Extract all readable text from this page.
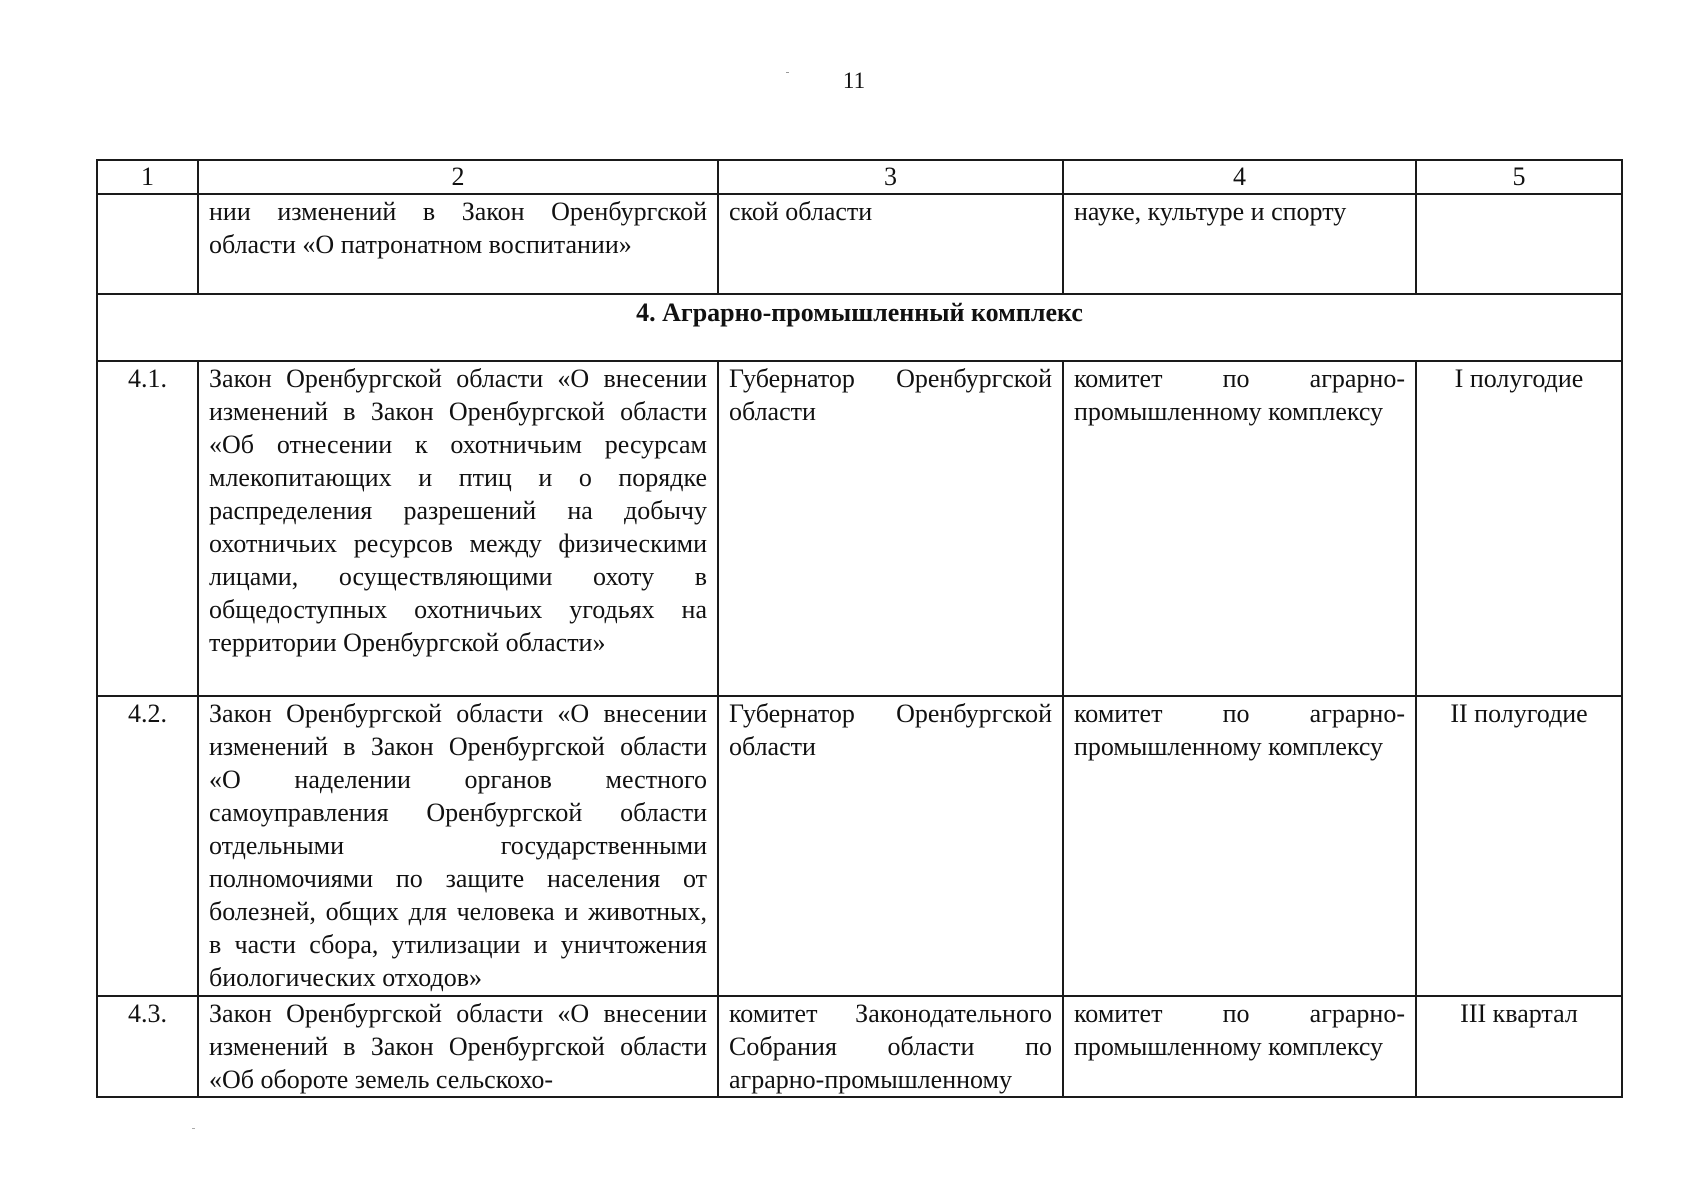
11
1	2	3	4	5
	нии изменений в Закон Оренбургской области «О патронатном воспитании»	ской области	науке, культуре и спорту	
4. Аграрно-промышленный комплекс				
4.1.	Закон Оренбургской области «О внесении изменений в Закон Оренбургской области «Об отнесении к охотничьим ресурсам млекопитающих и птиц и о порядке распределения разрешений на добычу охотничьих ресурсов между физическими лицами, осуществляющими охоту в общедоступных охотничьих угодьях на территории Оренбургской области»	Губернатор Оренбургской области	комитет по аграрно-промышленному комплексу	I полугодие
4.2.	Закон Оренбургской области «О внесении изменений в Закон Оренбургской области «О наделении органов местного самоуправления Оренбургской области отдельными государственными полномочиями по защите населения от болезней, общих для человека и животных, в части сбора, утилизации и уничтожения биологических отходов»	Губернатор Оренбургской области	комитет по аграрно-промышленному комплексу	II полугодие
4.3.	Закон Оренбургской области «О внесении изменений в Закон Оренбургской области «Об обороте земель сельскохо-	комитет Законодательного Собрания области по аграрно-промышленному	комитет по аграрно-промышленному комплексу	III квартал
